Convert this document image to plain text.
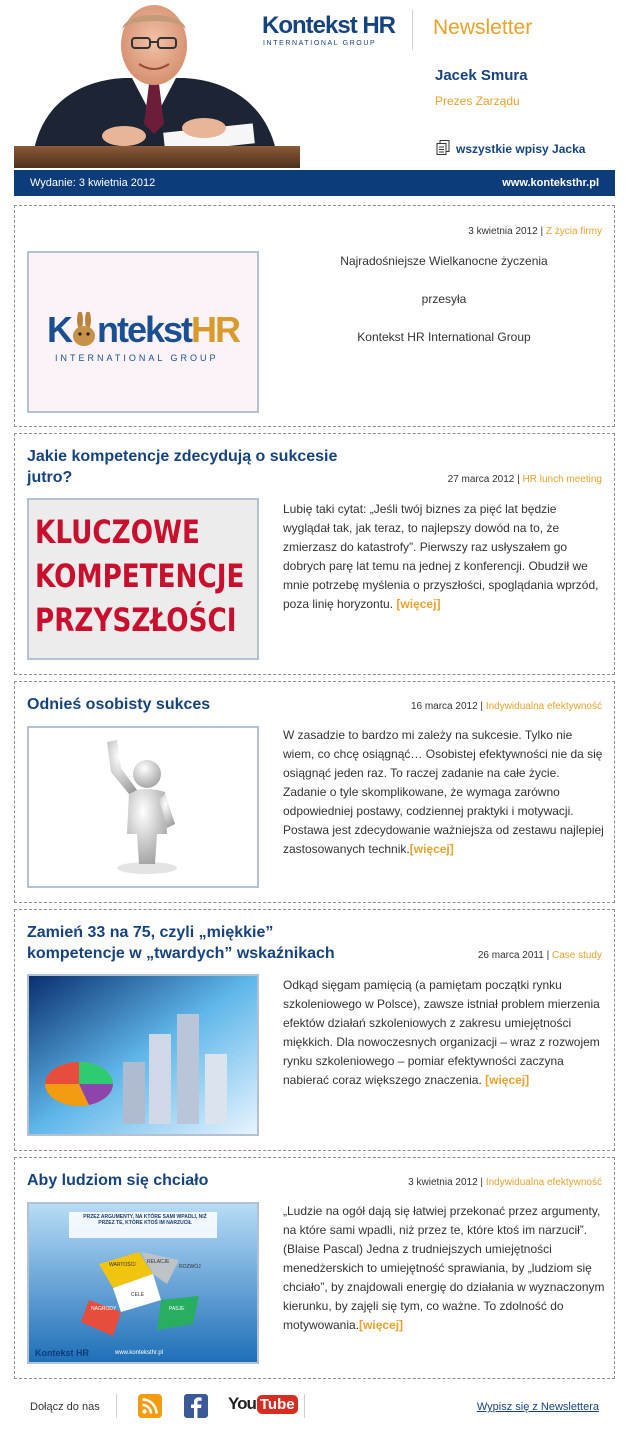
Kontekst HR
INTERNATIONAL GROUP
Newsletter
Jacek Smura
Prezes Zarządu
wszystkie wpisy Jacka
Wydanie: 3 kwietnia 2012	www.konteksthr.pl
3 kwietnia 2012 | Z życia firmy
K ntekstHR
INTERNATIONAL GROUP
Najradośniejsze Wielkanocne życzenia
przesyła
Kontekst HR International Group
Jakie kompetencje zdecydują o sukcesie jutro?	27 marca 2012 | HR lunch meeting
KLUCZOWE
KOMPETENCJE
PRZYSZŁOŚCI
Lubię taki cytat: „Jeśli twój biznes za pięć lat będzie wyglądał tak, jak teraz, to najlepszy dowód na to, że zmierzasz do katastrofy”. Pierwszy raz usłyszałem go dobrych parę lat temu na jednej z konferencji. Obudził we mnie potrzebę myślenia o przyszłości, spoglądania wprzód, poza linię horyzontu. [więcej]
Odnieś osobisty sukces	16 marca 2012 | Indywidualna efektywność
W zasadzie to bardzo mi zależy na sukcesie. Tylko nie wiem, co chcę osiągnąć… Osobistej efektywności nie da się osiągnąć jeden raz. To raczej zadanie na całe życie. Zadanie o tyle skomplikowane, że wymaga zarówno odpowiedniej postawy, codziennej praktyki i motywacji. Postawa jest zdecydowanie ważniejsza od zestawu najlepiej zastosowanych technik.[więcej]
Zamień 33 na 75, czyli „miękkie” kompetencje w „twardych” wskaźnikach	26 marca 2011 | Case study
Odkąd sięgam pamięcią (a pamiętam początki rynku szkoleniowego w Polsce), zawsze istniał problem mierzenia efektów działań szkoleniowych z zakresu umiejętności miękkich. Dla nowoczesnych organizacji – wraz z rozwojem rynku szkoleniowego – pomiar efektywności zaczyna nabierać coraz większego znaczenia. [więcej]
Aby ludziom się chciało	3 kwietnia 2012 | Indywidualna efektywność
PRZEZ ARGUMENTY, NA KTÓRE SAMI WPADLI, NIŻ PRZEZ TE, KTÓRE KTOŚ IM NARZUCIŁ
WARTOŚCI RELACJE
CELE
NAGRODY	PASJE
ROZWÓJ
Kontekst HR	www.konteksthr.pl
„Ludzie na ogół dają się łatwiej przekonać przez argumenty, na które sami wpadli, niż przez te, które ktoś im narzucił”. (Blaise Pascal) Jedna z trudniejszych umiejętności menedżerskich to umiejętność sprawiania, by „ludziom się chciało”, by znajdowali energię do działania w wyznaczonym kierunku, by zajęli się tym, co ważne. To zdolność do motywowania.[więcej]
Dołącz do nas	You Tube	Wypisz się z Newslettera
